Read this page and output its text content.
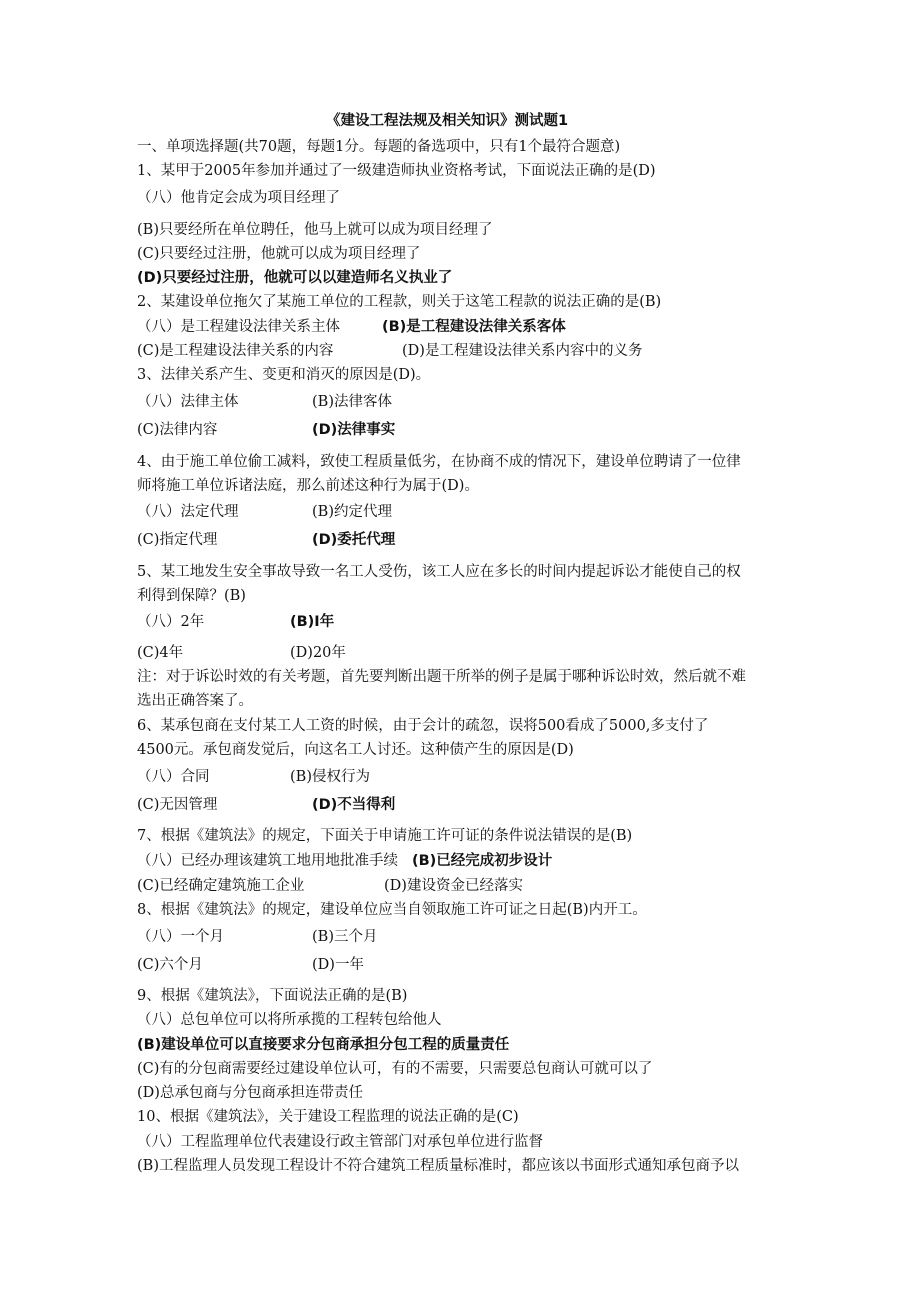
《建设工程法规及相关知识》测试题1
一、单项选择题(共70题，每题1分。每题的备选项中，只有1个最符合题意)
1、某甲于2005年参加并通过了一级建造师执业资格考试，下面说法正确的是(D)
（八）他肯定会成为项目经理了
(B)只要经所在单位聘任，他马上就可以成为项目经理了
(C)只要经过注册，他就可以成为项目经理了
(D)只要经过注册，他就可以以建造师名义执业了
2、某建设单位拖欠了某施工单位的工程款，则关于这笔工程款的说法正确的是(B)
（八）是工程建设法律关系主体	(B)是工程建设法律关系客体
(C)是工程建设法律关系的内容	(D)是工程建设法律关系内容中的义务
3、法律关系产生、变更和消灭的原因是(D)。
（八）法律主体	(B)法律客体
(C)法律内容	(D)法律事实
4、由于施工单位偷工减料，致使工程质量低劣，在协商不成的情况下，建设单位聘请了一位律
师将施工单位诉诸法庭，那么前述这种行为属于(D)。
（八）法定代理	(B)约定代理
(C)指定代理	(D)委托代理
5、某工地发生安全事故导致一名工人受伤，该工人应在多长的时间内提起诉讼才能使自己的权
利得到保障？(B)
（八）2年	(B)I年
(C)4年	(D)20年
注：对于诉讼时效的有关考题，首先要判断出题干所举的例子是属于哪种诉讼时效，然后就不难
选出正确答案了。
6、某承包商在支付某工人工资的时候，由于会计的疏忽，误将500看成了5000,多支付了
4500元。承包商发觉后，向这名工人讨还。这种债产生的原因是(D)
（八）合同	(B)侵权行为
(C)无因管理	(D)不当得利
7、根据《建筑法》的规定，下面关于申请施工许可证的条件说法错误的是(B)
（八）已经办理该建筑工地用地批准手续 (B)已经完成初步设计
(C)已经确定建筑施工企业	(D)建设资金已经落实
8、根据《建筑法》的规定，建设单位应当自领取施工许可证之日起(B)内开工。
（八）一个月	(B)三个月
(C)六个月	(D)一年
9、根据《建筑法》，下面说法正确的是(B)
（八）总包单位可以将所承揽的工程转包给他人
(B)建设单位可以直接要求分包商承担分包工程的质量责任
(C)有的分包商需要经过建设单位认可，有的不需要，只需要总包商认可就可以了
(D)总承包商与分包商承担连带责任
10、根据《建筑法》，关于建设工程监理的说法正确的是(C)
（八）工程监理单位代表建设行政主管部门对承包单位进行监督
(B)工程监理人员发现工程设计不符合建筑工程质量标准时，都应该以书面形式通知承包商予以
